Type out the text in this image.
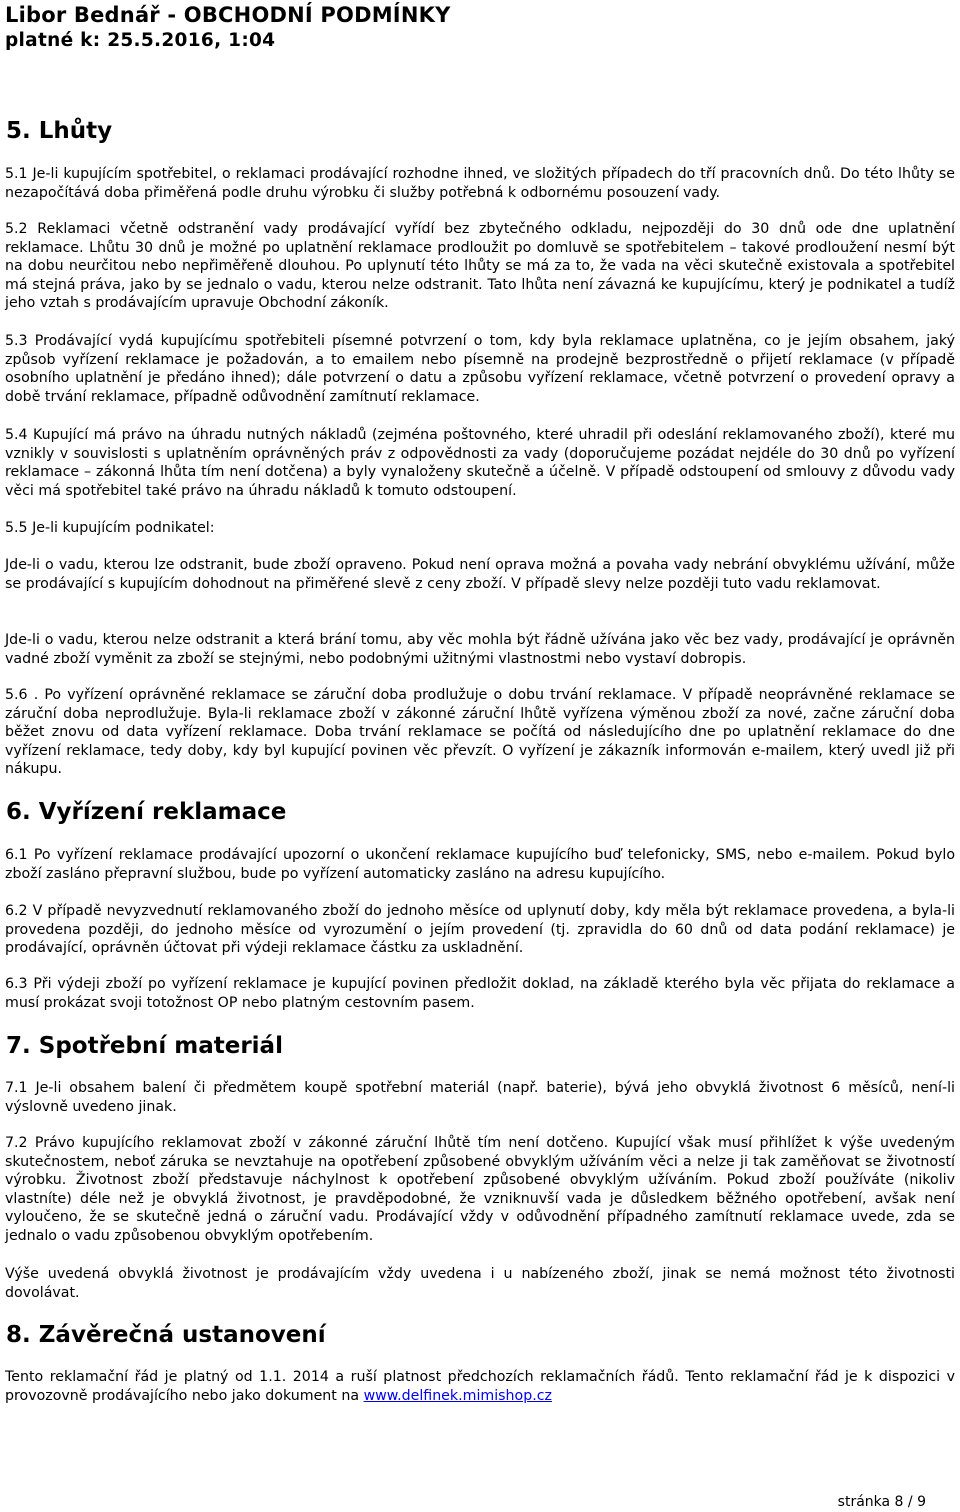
Libor Bednář - OBCHODNÍ PODMÍNKY
platné k: 25.5.2016, 1:04
5. Lhůty

5.1 Je-li kupujícím spotřebitel, o reklamaci prodávající rozhodne ihned, ve složitých případech do tří pracovních dnů. Do této lhůty se nezapočítává doba přiměřená podle druhu výrobku či služby potřebná k odbornému posouzení vady.

5.2 Reklamaci včetně odstranění vady prodávající vyřídí bez zbytečného odkladu, nejpozději do 30 dnů ode dne uplatnění reklamace. Lhůtu 30 dnů je možné po uplatnění reklamace prodloužit po domluvě se spotřebitelem – takové prodloužení nesmí být na dobu neurčitou nebo nepřiměřeně dlouhou. Po uplynutí této lhůty se má za to, že vada na věci skutečně existovala a spotřebitel má stejná práva, jako by se jednalo o vadu, kterou nelze odstranit. Tato lhůta není závazná ke kupujícímu, který je podnikatel a tudíž jeho vztah s prodávajícím upravuje Obchodní zákoník.

5.3 Prodávající vydá kupujícímu spotřebiteli písemné potvrzení o tom, kdy byla reklamace uplatněna, co je jejím obsahem, jaký způsob vyřízení reklamace je požadován, a to emailem nebo písemně na prodejně bezprostředně o přijetí reklamace (v případě osobního uplatnění je předáno ihned); dále potvrzení o datu a způsobu vyřízení reklamace, včetně potvrzení o provedení opravy a době trvání reklamace, případně odůvodnění zamítnutí reklamace.

5.4 Kupující má právo na úhradu nutných nákladů (zejména poštovného, které uhradil při odeslání reklamovaného zboží), které mu vznikly v souvislosti s uplatněním oprávněných práv z odpovědnosti za vady (doporučujeme pozádat nejdéle do 30 dnů po vyřízení reklamace – zákonná lhůta tím není dotčena) a byly vynaloženy skutečně a účelně. V případě odstoupení od smlouvy z důvodu vady věci má spotřebitel také právo na úhradu nákladů k tomuto odstoupení.

5.5 Je-li kupujícím podnikatel:

Jde-li o vadu, kterou lze odstranit, bude zboží opraveno. Pokud není oprava možná a povaha vady nebrání obvyklému užívání, může se prodávající s kupujícím dohodnout na přiměřené slevě z ceny zboží. V případě slevy nelze později tuto vadu reklamovat.

Jde-li o vadu, kterou nelze odstranit a která brání tomu, aby věc mohla být řádně užívána jako věc bez vady, prodávající je oprávněn vadné zboží vyměnit za zboží se stejnými, nebo podobnými užitnými vlastnostmi nebo vystaví dobropis.

5.6 . Po vyřízení oprávněné reklamace se záruční doba prodlužuje o dobu trvání reklamace. V případě neoprávněné reklamace se záruční doba neprodlužuje. Byla-li reklamace zboží v zákonné záruční lhůtě vyřízena výměnou zboží za nové, začne záruční doba běžet znovu od data vyřízení reklamace. Doba trvání reklamace se počítá od následujícího dne po uplatnění reklamace do dne vyřízení reklamace, tedy doby, kdy byl kupující povinen věc převzít. O vyřízení je zákazník informován e-mailem, který uvedl již při nákupu.

6. Vyřízení reklamace

6.1 Po vyřízení reklamace prodávající upozorní o ukončení reklamace kupujícího buď telefonicky, SMS, nebo e-mailem. Pokud bylo zboží zasláno přepravní službou, bude po vyřízení automaticky zasláno na adresu kupujícího.

6.2 V případě nevyzvednutí reklamovaného zboží do jednoho měsíce od uplynutí doby, kdy měla být reklamace provedena, a byla-li provedena později, do jednoho měsíce od vyrozumění o jejím provedení (tj. zpravidla do 60 dnů od data podání reklamace) je prodávající, oprávněn účtovat při výdeji reklamace částku za uskladnění.

6.3 Při výdeji zboží po vyřízení reklamace je kupující povinen předložit doklad, na základě kterého byla věc přijata do reklamace a musí prokázat svoji totožnost OP nebo platným cestovním pasem.

7. Spotřební materiál

7.1 Je-li obsahem balení či předmětem koupě spotřební materiál (např. baterie), bývá jeho obvyklá životnost 6 měsíců, není-li výslovně uvedeno jinak.

7.2 Právo kupujícího reklamovat zboží v zákonné záruční lhůtě tím není dotčeno. Kupující však musí přihlížet k výše uvedeným skutečnostem, neboť záruka se nevztahuje na opotřebení způsobené obvyklým užíváním věci a nelze ji tak zaměňovat se životností výrobku. Životnost zboží představuje náchylnost k opotřebení způsobené obvyklým užíváním. Pokud zboží používáte (nikoliv vlastníte) déle než je obvyklá životnost, je pravděpodobné, že vzniknuvší vada je důsledkem běžného opotřebení, avšak není vyloučeno, že se skutečně jedná o záruční vadu. Prodávající vždy v odůvodnění případného zamítnutí reklamace uvede, zda se jednalo o vadu způsobenou obvyklým opotřebením.

Výše uvedená obvyklá životnost je prodávajícím vždy uvedena i u nabízeného zboží, jinak se nemá možnost této životnosti dovolávat.

8. Závěrečná ustanovení

Tento reklamační řád je platný od 1.1. 2014 a ruší platnost předchozích reklamačních řádů. Tento reklamační řád je k dispozici v provozovně prodávajícího nebo jako dokument na www.delfinek.mimishop.cz

stránka 8 / 9
